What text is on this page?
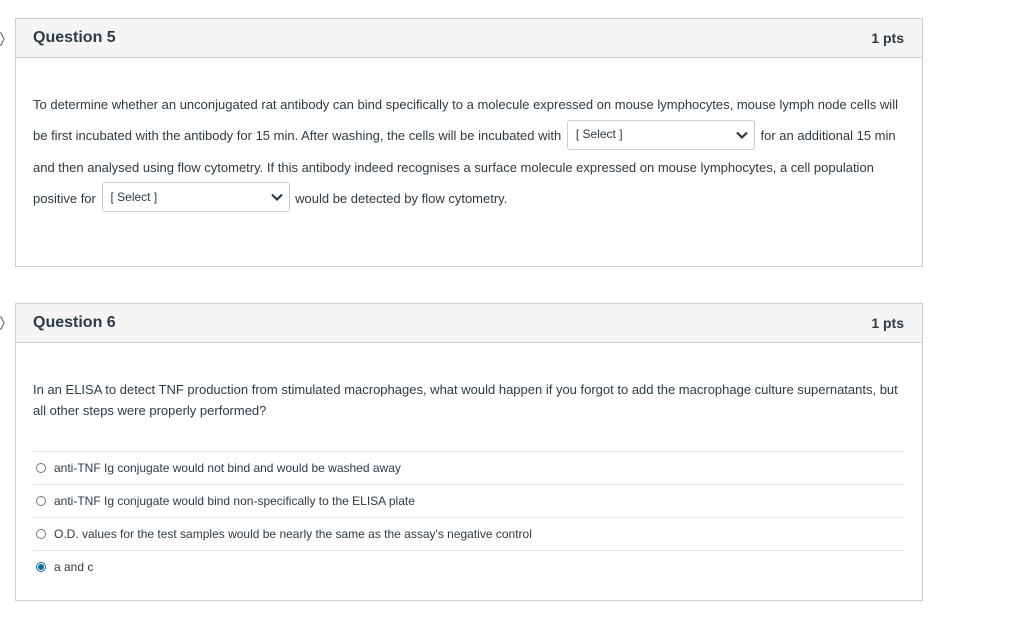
Question 5	1 pts
To determine whether an unconjugated rat antibody can bind specifically to a molecule expressed on mouse lymphocytes, mouse lymph node cells will be first incubated with the antibody for 15 min. After washing, the cells will be incubated with [ Select ]	for an additional 15 min and then analysed using flow cytometry. If this antibody indeed recognises a surface molecule expressed on mouse lymphocytes, a cell population positive for [ Select ]	would be detected by flow cytometry.
Question 6	1 pts
In an ELISA to detect TNF production from stimulated macrophages, what would happen if you forgot to add the macrophage culture supernatants, but all other steps were properly performed?
anti-TNF Ig conjugate would not bind and would be washed away
anti-TNF Ig conjugate would bind non-specifically to the ELISA plate
O.D. values for the test samples would be nearly the same as the assay's negative control
a and c
